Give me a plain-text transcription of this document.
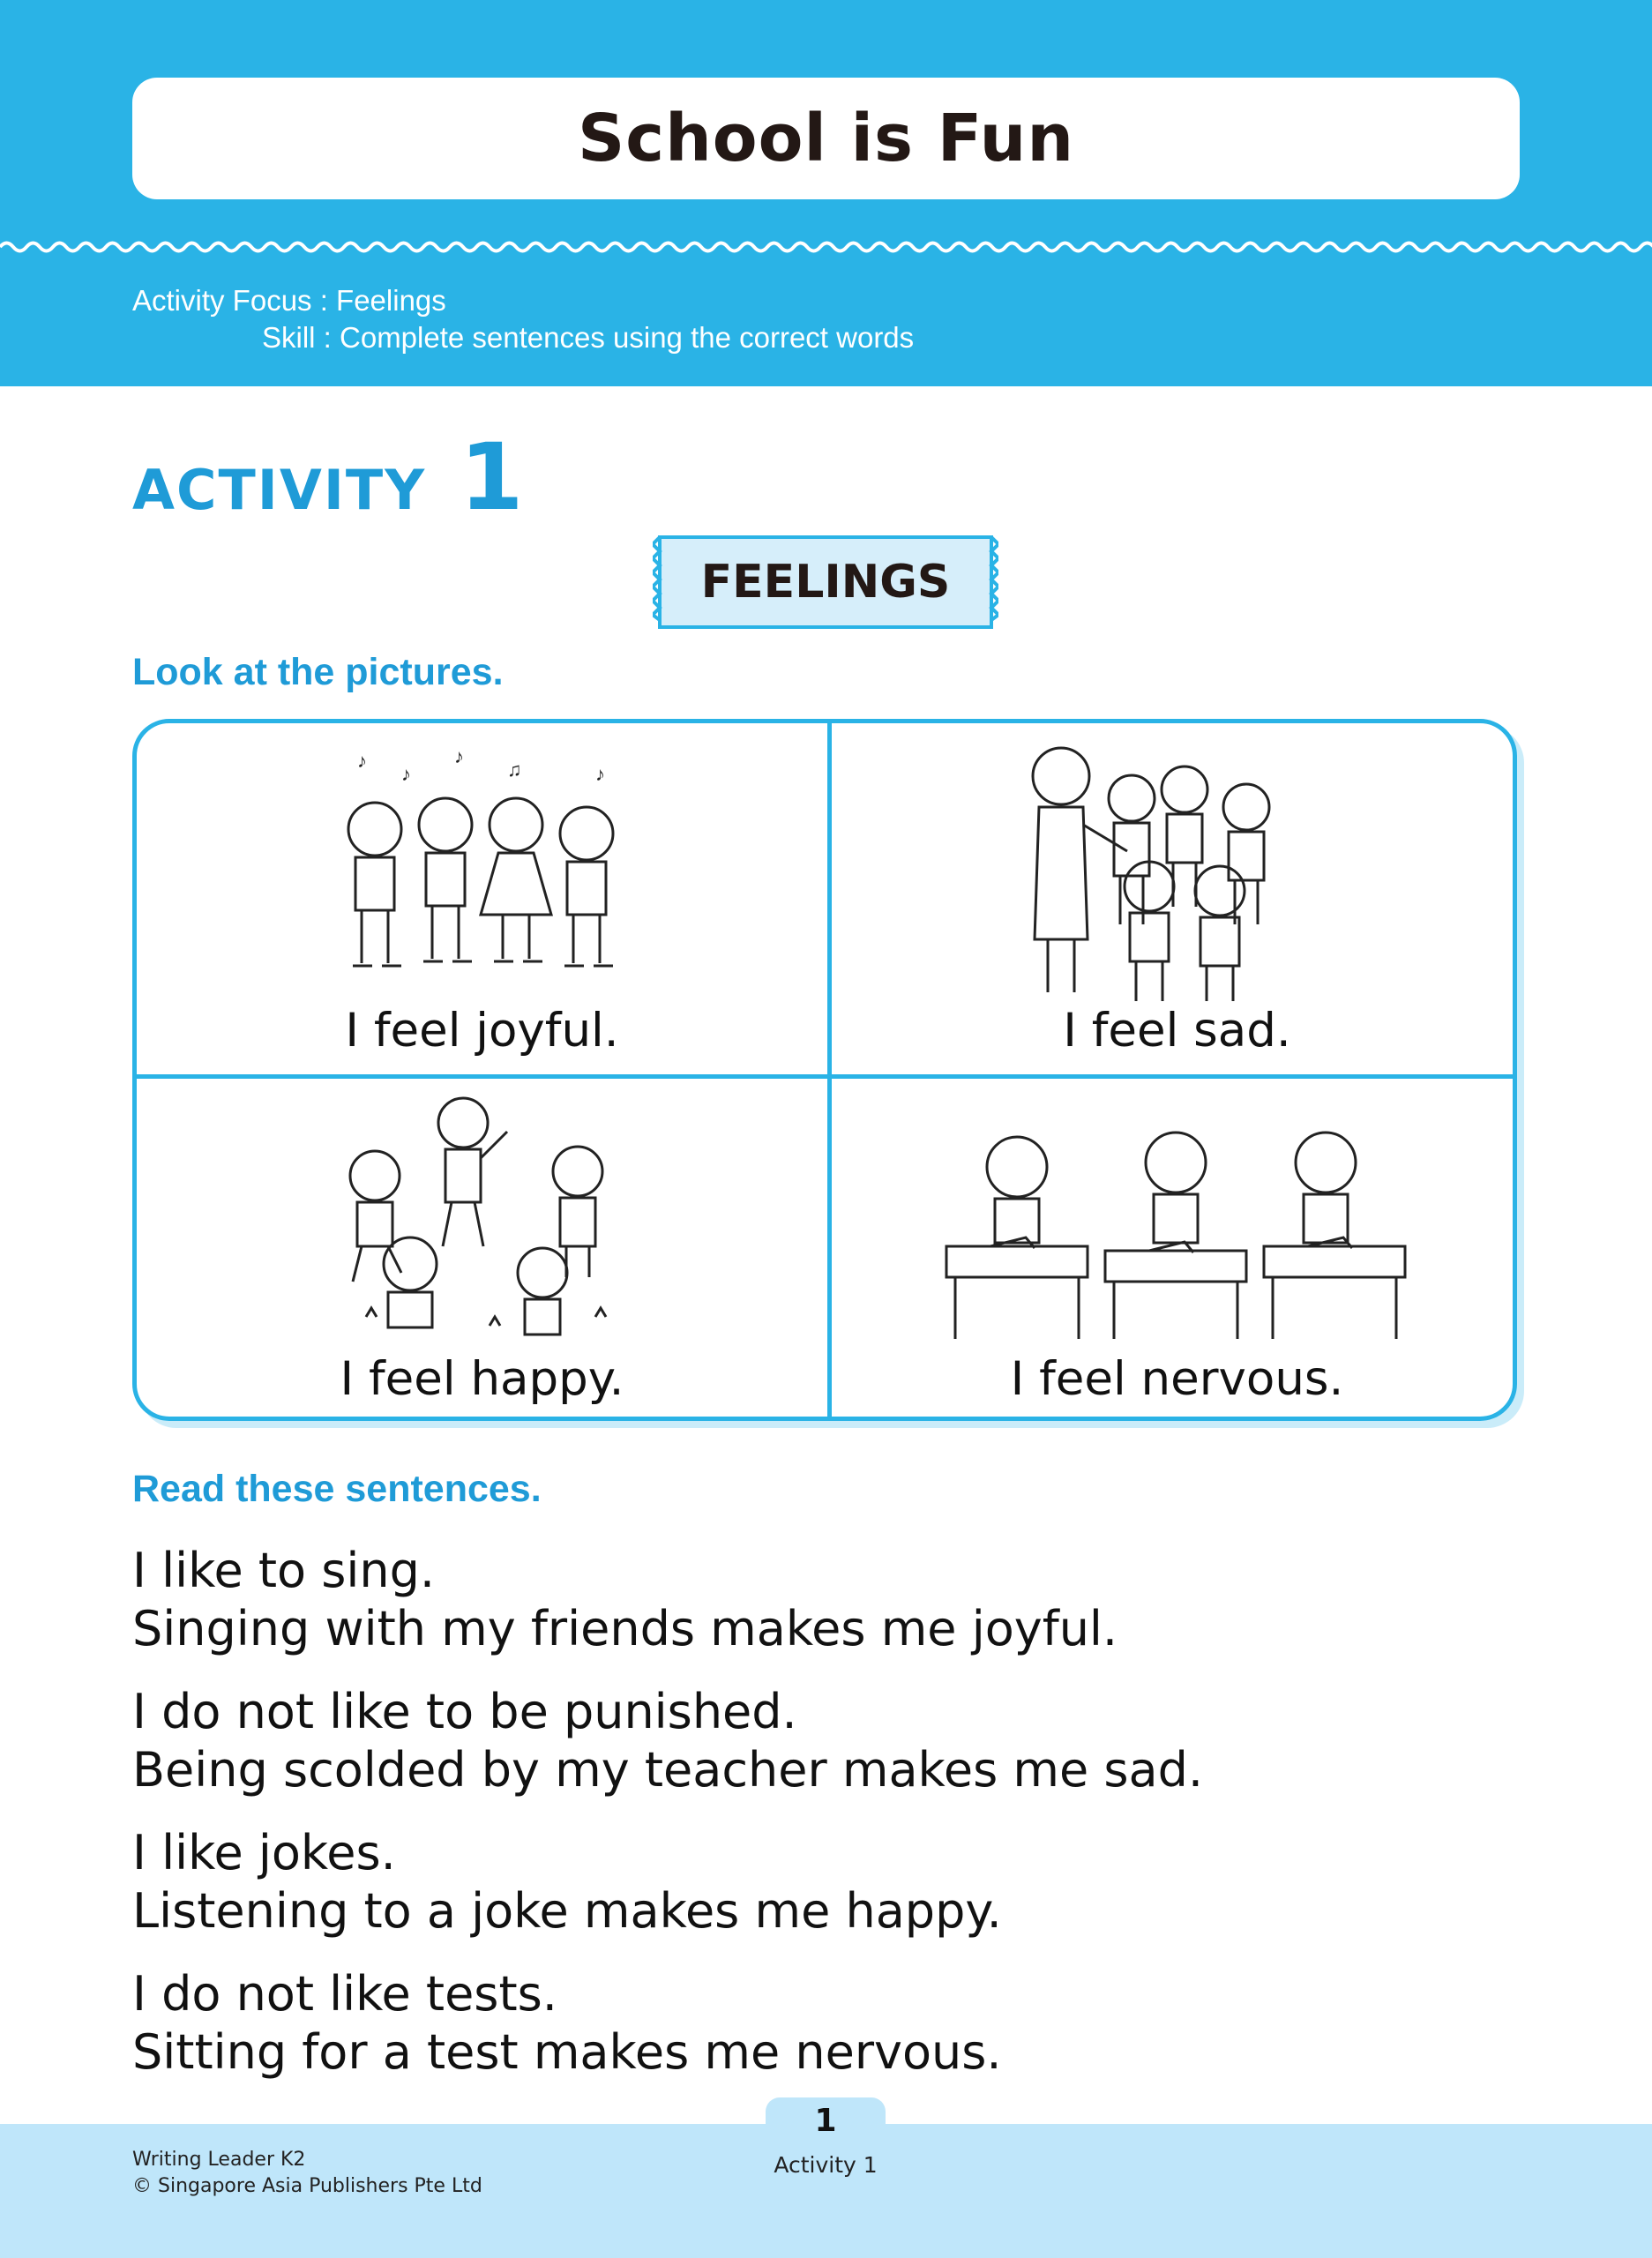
School is Fun
Activity Focus : Feelings
Skill : Complete sentences using the correct words
ACTIVITY 1
FEELINGS
Look at the pictures.
♪
♪
♪
♫	♪
I feel joyful.	I feel sad.
I feel happy.	I feel nervous.
Read these sentences.
I like to sing.
Singing with my friends makes me joyful.
I do not like to be punished.
Being scolded by my teacher makes me sad.
I like jokes.
Listening to a joke makes me happy.
I do not like tests.
Sitting for a test makes me nervous.
1
Activity 1
Writing Leader K2
© Singapore Asia Publishers Pte Ltd
